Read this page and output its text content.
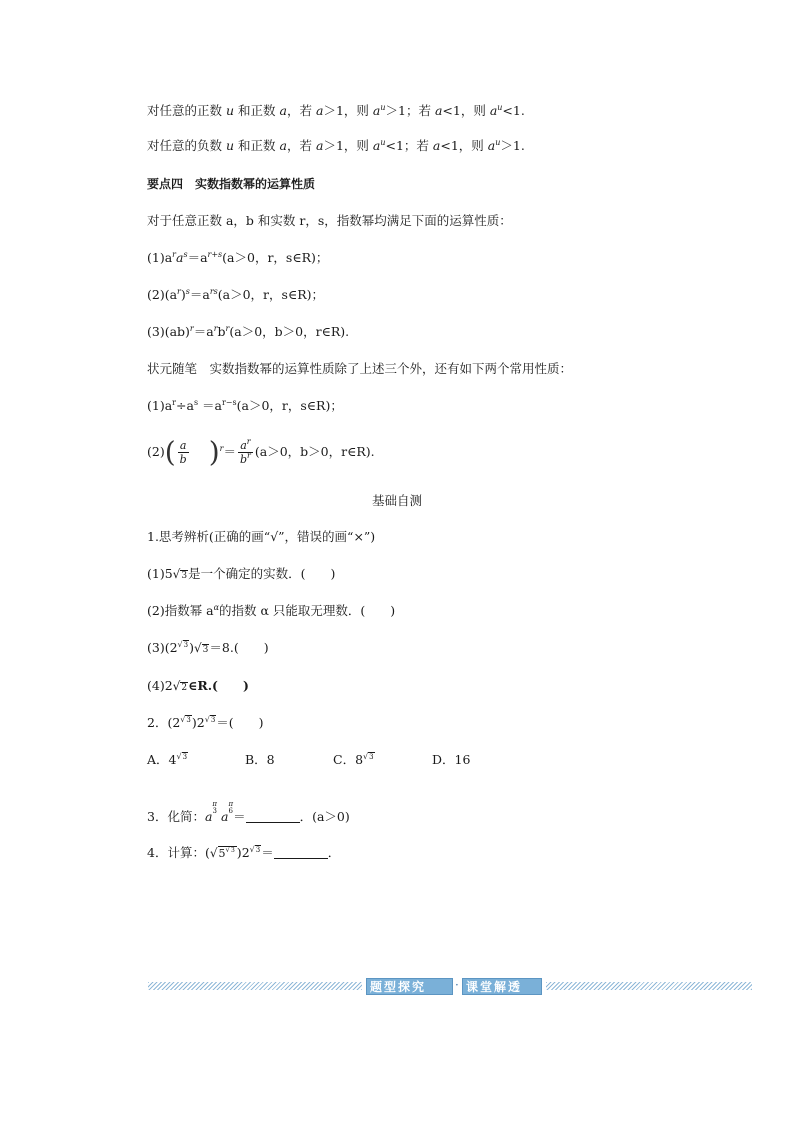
对任意的正数 u 和正数 a，若 a＞1，则 $a^u>1$；若 a<1，则 $a^u<1$.
对任意的负数 u 和正数 a，若 a＞1，则 $a^u<1$；若 a<1，则 $a^u>1$.
要点四　实数指数幂的运算性质
对于任意正数 a，b 和实数 r，s，指数幂均满足下面的运算性质：
$(1)a^ra^s=a^{r+s}(a>0$，r，s∈R)；
$(2)(a^r)^s=a^{rs}(a>0$，r，s∈R)；
$(3)(ab)^r=a^rb^r(a>0$，b＞0，r∈R).
状元随笔　实数指数幂的运算性质除了上述三个外，还有如下两个常用性质：
$(1)a^r\div a^s =a^{r-s}(a>0$，r，s∈R)；
$(2)( \frac{a}{b} )^r= \frac{a^r}{b^r} (a>0$，b＞0，r∈R).
基础自测
1.思考辨析(正确的画“√”，错误的画“×”)
(1)5√3是一个确定的实数．(　　)
(2)指数幂 $a^\alpha$的指数 α 只能取无理数．(　　)
$(3)(2^{√3})√3=8$.(　　)
(4)2√2∈R.(　　)
2．$(2^{√3})2^{√3}=$(　　)
A．$4^{√3}$	B．8	C．$8^{√3}$	D．16
3．化简：a
$^{\pi 3}$ a
$^{\pi 6}$ ＝	．(a＞0)
4．计算：($√5^{√3}$ )$2^{√3}=$	．
题型探究	· 课堂解透
